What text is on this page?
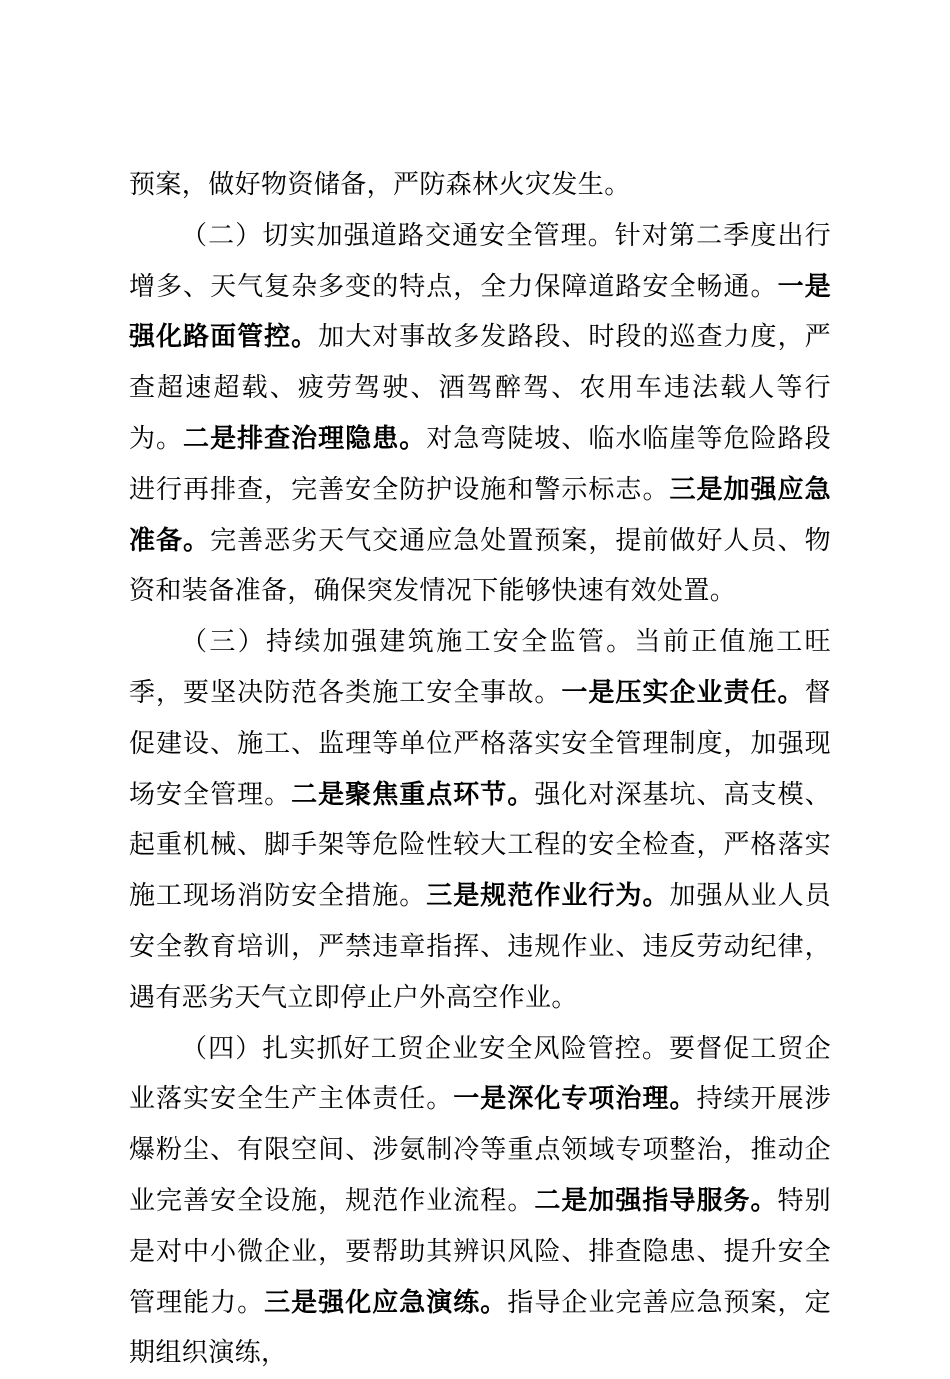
预案，做好物资储备，严防森林火灾发生。

（二）切实加强道路交通安全管理。针对第二季度出行增多、天气复杂多变的特点，全力保障道路安全畅通。一是强化路面管控。加大对事故多发路段、时段的巡查力度，严查超速超载、疲劳驾驶、酒驾醉驾、农用车违法载人等行为。二是排查治理隐患。对急弯陡坡、临水临崖等危险路段进行再排查，完善安全防护设施和警示标志。三是加强应急准备。完善恶劣天气交通应急处置预案，提前做好人员、物资和装备准备，确保突发情况下能够快速有效处置。

（三）持续加强建筑施工安全监管。当前正值施工旺季，要坚决防范各类施工安全事故。一是压实企业责任。督促建设、施工、监理等单位严格落实安全管理制度，加强现场安全管理。二是聚焦重点环节。强化对深基坑、高支模、起重机械、脚手架等危险性较大工程的安全检查，严格落实施工现场消防安全措施。三是规范作业行为。加强从业人员安全教育培训，严禁违章指挥、违规作业、违反劳动纪律，遇有恶劣天气立即停止户外高空作业。

（四）扎实抓好工贸企业安全风险管控。要督促工贸企业落实安全生产主体责任。一是深化专项治理。持续开展涉爆粉尘、有限空间、涉氨制冷等重点领域专项整治，推动企业完善安全设施，规范作业流程。二是加强指导服务。特别是对中小微企业，要帮助其辨识风险、排查隐患、提升安全管理能力。三是强化应急演练。指导企业完善应急预案，定期组织演练，
